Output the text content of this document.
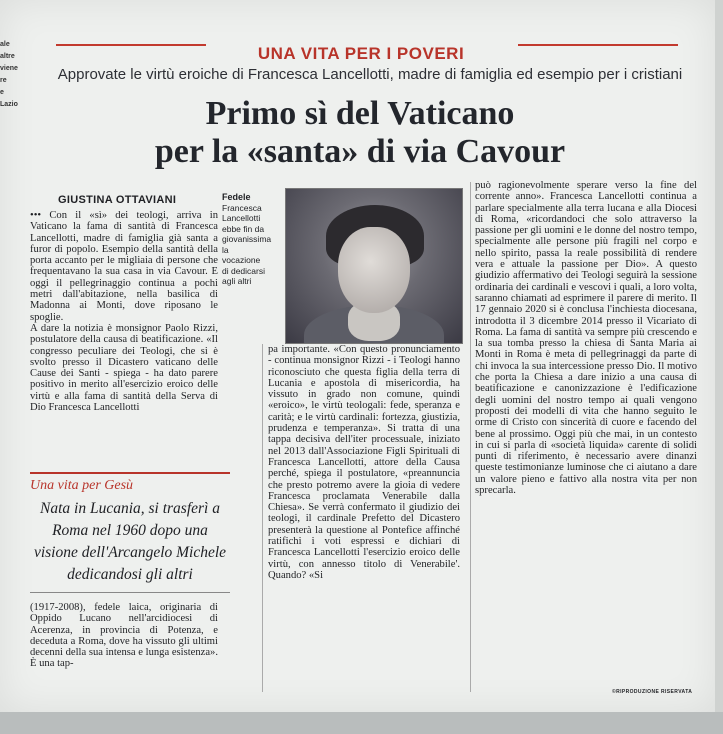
ale
altre
viene
re
e
Lazio
UNA VITA PER I POVERI
Approvate le virtù eroiche di Francesca Lancellotti, madre di famiglia ed esempio per i cristiani
Primo sì del Vaticano
per la «santa» di via Cavour
GIUSTINA OTTAVIANI

••• Con il «sì» dei teologi, arriva in Vaticano la fama di santità di Francesca Lancellotti, madre di famiglia già santa a furor di popolo. Esempio della santità della porta accanto per le migliaia di persone che frequentavano la sua casa in via Cavour. E oggi il pellegrinaggio continua a pochi metri dall'abitazione, nella basilica di Madonna ai Monti, dove riposano le spoglie.

A dare la notizia è monsignor Paolo Rizzi, postulatore della causa di beatificazione. «Il congresso peculiare dei Teologi, che si è svolto presso il Dicastero vaticano delle Cause dei Santi - spiega - ha dato parere positivo in merito all'esercizio eroico delle virtù e alla fama di santità della Serva di Dio Francesca Lancellotti

Fedele
Francesca
Lancellotti
ebbe fin da
giovanissima
la vocazione
di dedicarsi
agli altri
Una vita per Gesù
Nata in Lucania, si trasferì a Roma nel 1960 dopo una visione dell'Arcangelo Michele dedicandosi gli altri

(1917-2008), fedele laica, originaria di Oppido Lucano nell'arcidiocesi di Acerenza, in provincia di Potenza, e deceduta a Roma, dove ha vissuto gli ultimi decenni della sua intensa e lunga esistenza». È una tap-

pa importante. «Con questo pronunciamento - continua monsignor Rizzi - i Teologi hanno riconosciuto che questa figlia della terra di Lucania e apostola di misericordia, ha vissuto in grado non comune, quindi «eroico», le virtù teologali: fede, speranza e carità; e le virtù cardinali: fortezza, giustizia, prudenza e temperanza». Si tratta di una tappa decisiva dell'iter processuale, iniziato nel 2013 dall'Associazione Figli Spirituali di Francesca Lancellotti, attore della Causa perché, spiega il postulatore, «preannuncia che presto potremo avere la gioia di vedere Francesca proclamata Venerabile dalla Chiesa». Se verrà confermato il giudizio dei teologi, il cardinale Prefetto del Dicastero presenterà la questione al Pontefice affinché ratifichi i voti espressi e dichiari di Francesca Lancellotti l'esercizio eroico delle virtù, con annesso titolo di Venerabile'. Quando? «Si

può ragionevolmente sperare verso la fine del corrente anno». Francesca Lancellotti continua a parlare specialmente alla terra lucana e alla Diocesi di Roma, «ricordandoci che solo attraverso la passione per gli uomini e le donne del nostro tempo, specialmente alle persone più fragili nel corpo e nello spirito, passa la reale possibilità di rendere vera e attuale la passione per Dio». A questo giudizio affermativo dei Teologi seguirà la sessione ordinaria dei cardinali e vescovi i quali, a loro volta, saranno chiamati ad esprimere il parere di merito. Il 17 gennaio 2020 si è conclusa l'inchiesta diocesana, introdotta il 3 dicembre 2014 presso il Vicariato di Roma. La fama di santità va sempre più crescendo e la sua tomba presso la chiesa di Santa Maria ai Monti in Roma è meta di pellegrinaggi da parte di chi invoca la sua intercessione presso Dio. Il motivo che porta la Chiesa a dare inizio a una causa di beatificazione e canonizzazione è l'edificazione degli uomini del nostro tempo ai quali vengono proposti dei modelli di vita che hanno seguito le orme di Cristo con sincerità di cuore e facendo del bene al prossimo. Oggi più che mai, in un contesto in cui si parla di «società liquida» carente di solidi punti di riferimento, è necessario avere dinanzi queste testimonianze luminose che ci aiutano a dare un valore pieno e fattivo alla nostra vita per non sprecarla.

©RIPRODUZIONE RISERVATA
